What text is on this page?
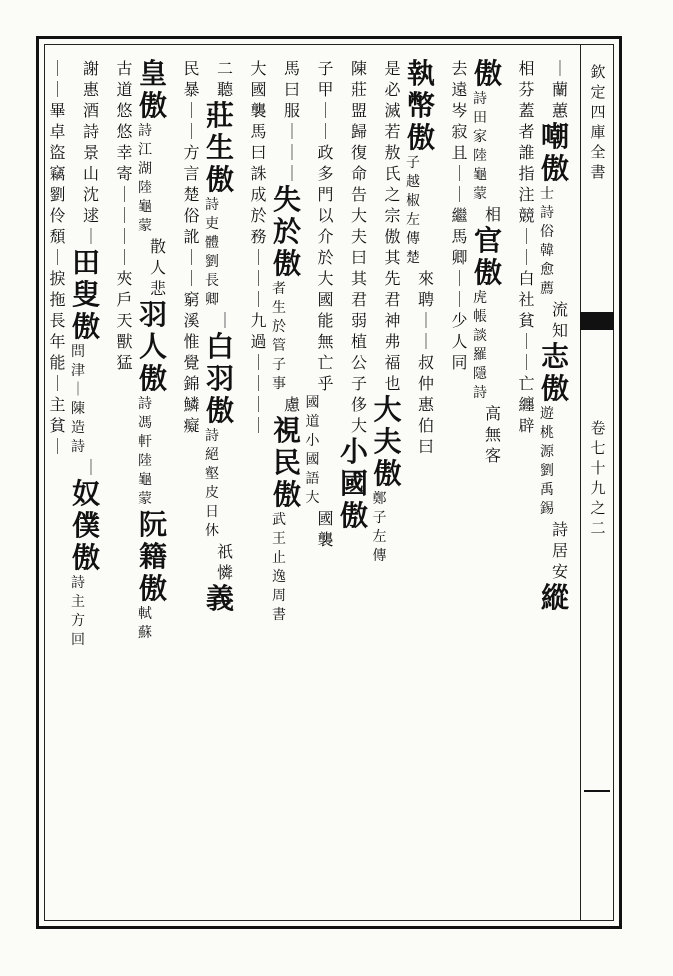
欽
定
四
庫
全
書
卷
七
十
九
之
二
｜
蘭
蕙
嘲
傲
士
詩
俗
韓
愈
薦
流
知
志
傲
遊
桃
源
劉
禹
錫
詩
居
安
縱
相
芬
蓋
者
誰
指
注
競
｜
｜
白
社
貧
｜
｜
亡
纏
辟
傲
詩
田
家
陸
龜
蒙
相
官
傲
虎
帳
談
羅
隱
詩
高
無
客
去
遠
岑
寂
且
｜
｜
繼
馬
卿
｜
｜
少
人
同
執
幣
傲
子
越
椒
左
傳
楚
來
聘
｜
｜
叔
仲
惠
伯
曰
是
必
滅
若
敖
氏
之
宗
傲
其
先
君
神
弗
福
也
大
夫
傲
鄭
子
左
傳
陳
莊
盟
歸
復
命
告
大
夫
曰
其
君
弱
植
公
子
侈
大
小
國
傲
子
甲
｜
｜
政
多
門
以
介
於
大
國
能
無
亡
乎
國
道
小
國
語
大
國
襲
馬
曰
服
｜
｜
｜
失
於
傲
者
生
於
管
子
事
慮
視
民
傲
武
王
止
逸
周
書
大
國
襲
馬
曰
誅
成
於
務
｜
｜
｜
九
過
｜
｜
｜
｜
二
聽
莊
生
傲
詩
吏
體
劉
長
卿
｜
白
羽
傲
詩
絕
壑
皮
日
休
祇
憐
義
民
暴
｜
｜
方
言
楚
俗
訛
｜
｜
窮
溪
惟
覺
錦
鱗
癡
皇
傲
詩
江
湖
陸
龜
蒙
散
人
悲
羽
人
傲
詩
馮
軒
陸
龜
蒙
阮
籍
傲
軾
蘇
古
道
悠
悠
幸
寄
｜
｜
｜
｜
夾
戶
天
獸
猛
謝
惠
酒
詩
景
山
沈
逑
｜
田
叟
傲
問
津
｜
陳
造
詩
｜
奴
僕
傲
詩
主
方
回
｜
｜
畢
卓
盜
竊
劉
伶
頹
｜
捩
拖
長
年
能
｜
主
貧
｜
